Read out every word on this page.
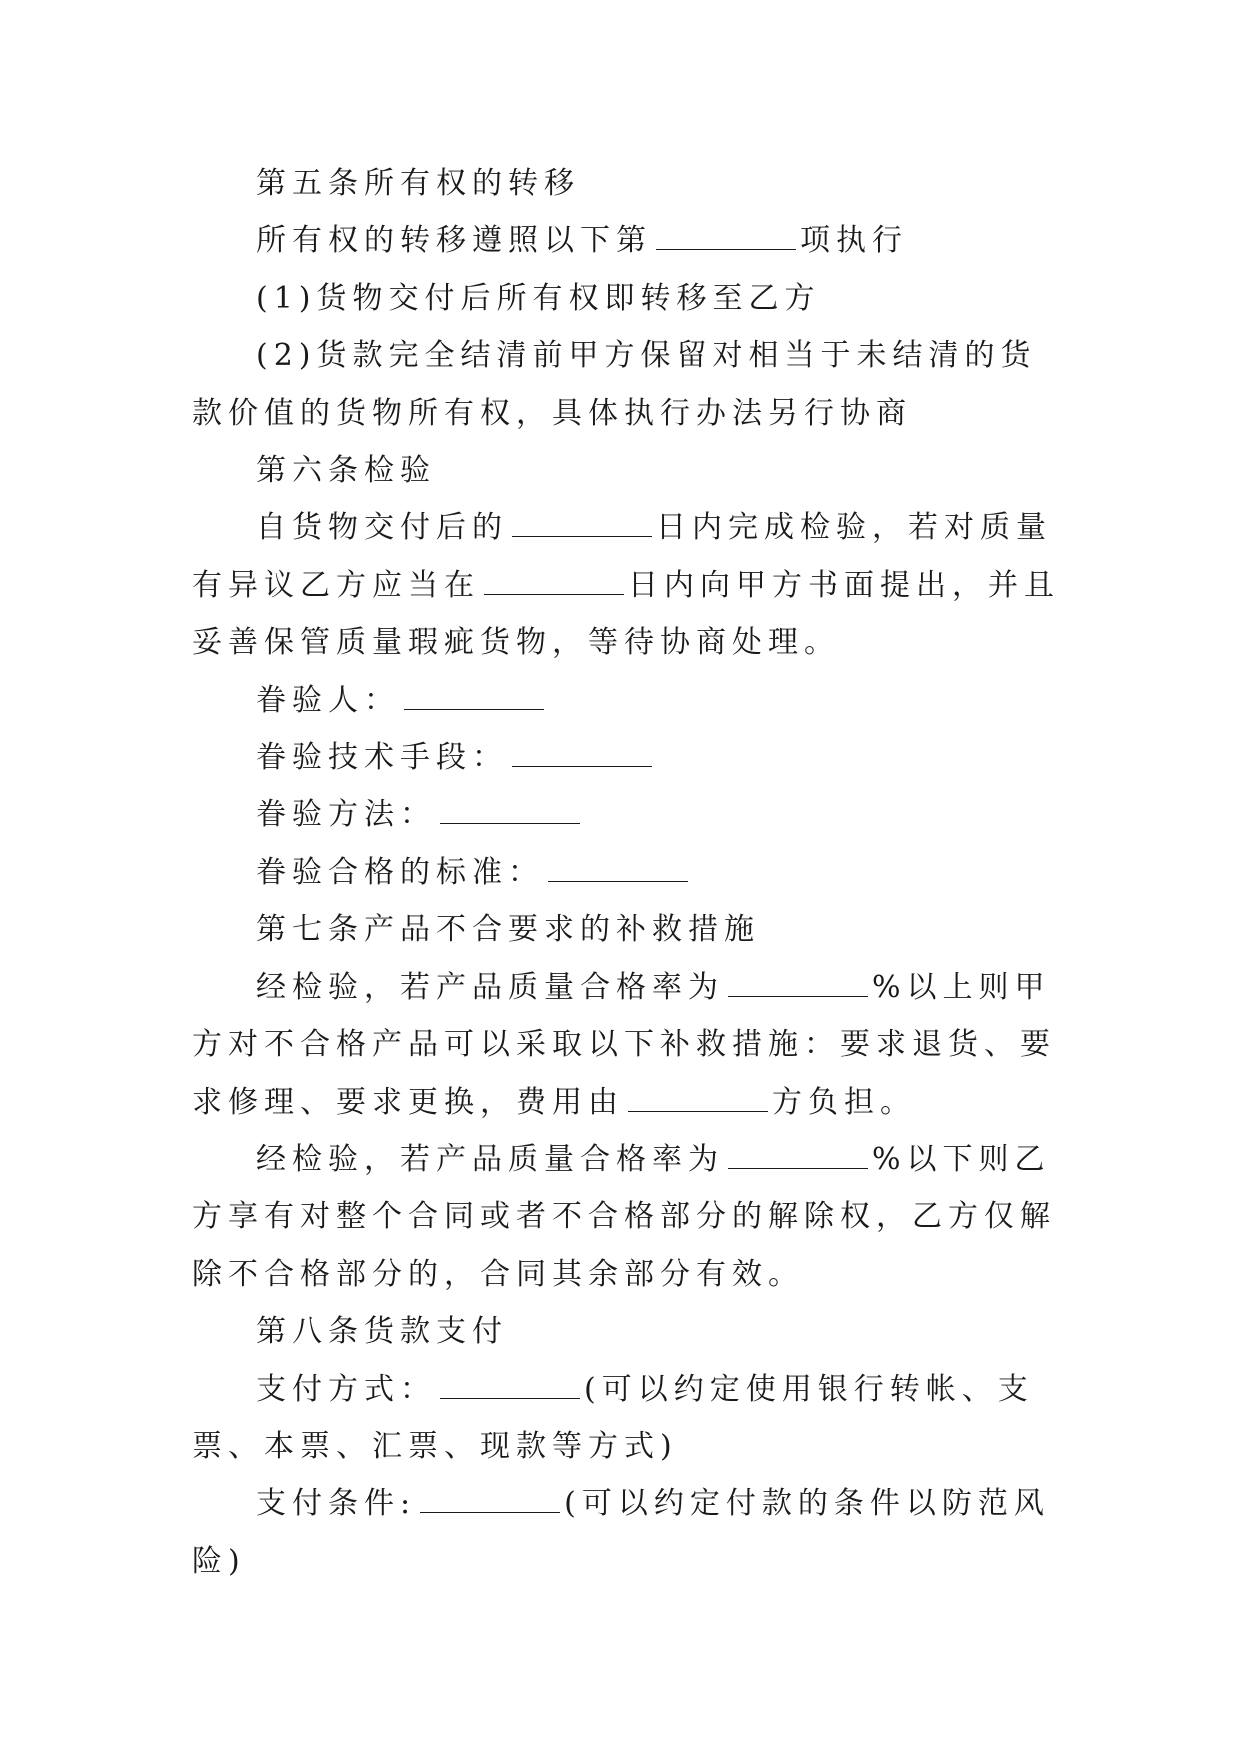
第五条所有权的转移

所有权的转移遵照以下第	项执行

(1)货物交付后所有权即转移至乙方

(2)货款完全结清前甲方保留对相当于未结清的货款价值的货物所有权，具体执行办法另行协商

第六条检验

自货物交付后的	日内完成检验，若对质量有异议乙方应当在	日内向甲方书面提出，并且妥善保管质量瑕疵货物，等待协商处理。

眷验人：

眷验技术手段：

眷验方法：

眷验合格的标准：

第七条产品不合要求的补救措施

经检验，若产品质量合格率为	%以上则甲方对不合格产品可以采取以下补救措施：要求退货、要求修理、要求更换，费用由	方负担。

经检验，若产品质量合格率为	%以下则乙方享有对整个合同或者不合格部分的解除权，乙方仅解除不合格部分的，合同其余部分有效。

第八条货款支付

支付方式：	(可以约定使用银行转帐、支票、本票、汇票、现款等方式)

支付条件:	(可以约定付款的条件以防范风险)
